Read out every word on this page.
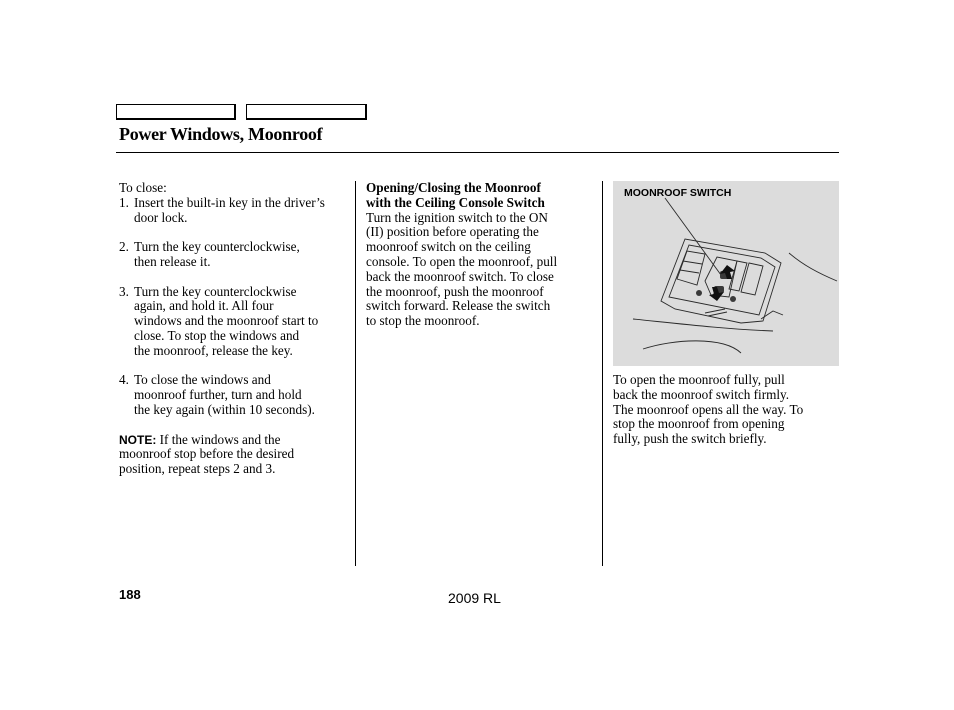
Power Windows, Moonroof
To close:
1. Insert the built-in key in the driver’s
door lock.
2. Turn the key counterclockwise,
then release it.
3. Turn the key counterclockwise
again, and hold it. All four
windows and the moonroof start to
close. To stop the windows and
the moonroof, release the key.
4. To close the windows and
moonroof further, turn and hold
the key again (within 10 seconds).
NOTE: If the windows and the
moonroof stop before the desired
position, repeat steps 2 and 3.
Opening/Closing the Moonroof
with the Ceiling Console Switch
Turn the ignition switch to the ON
(II) position before operating the
moonroof switch on the ceiling
console. To open the moonroof, pull
back the moonroof switch. To close
the moonroof, push the moonroof
switch forward. Release the switch
to stop the moonroof.
MOONROOF SWITCH
To open the moonroof fully, pull
back the moonroof switch firmly.
The moonroof opens all the way. To
stop the moonroof from opening
fully, push the switch briefly.
188	2009 RL
